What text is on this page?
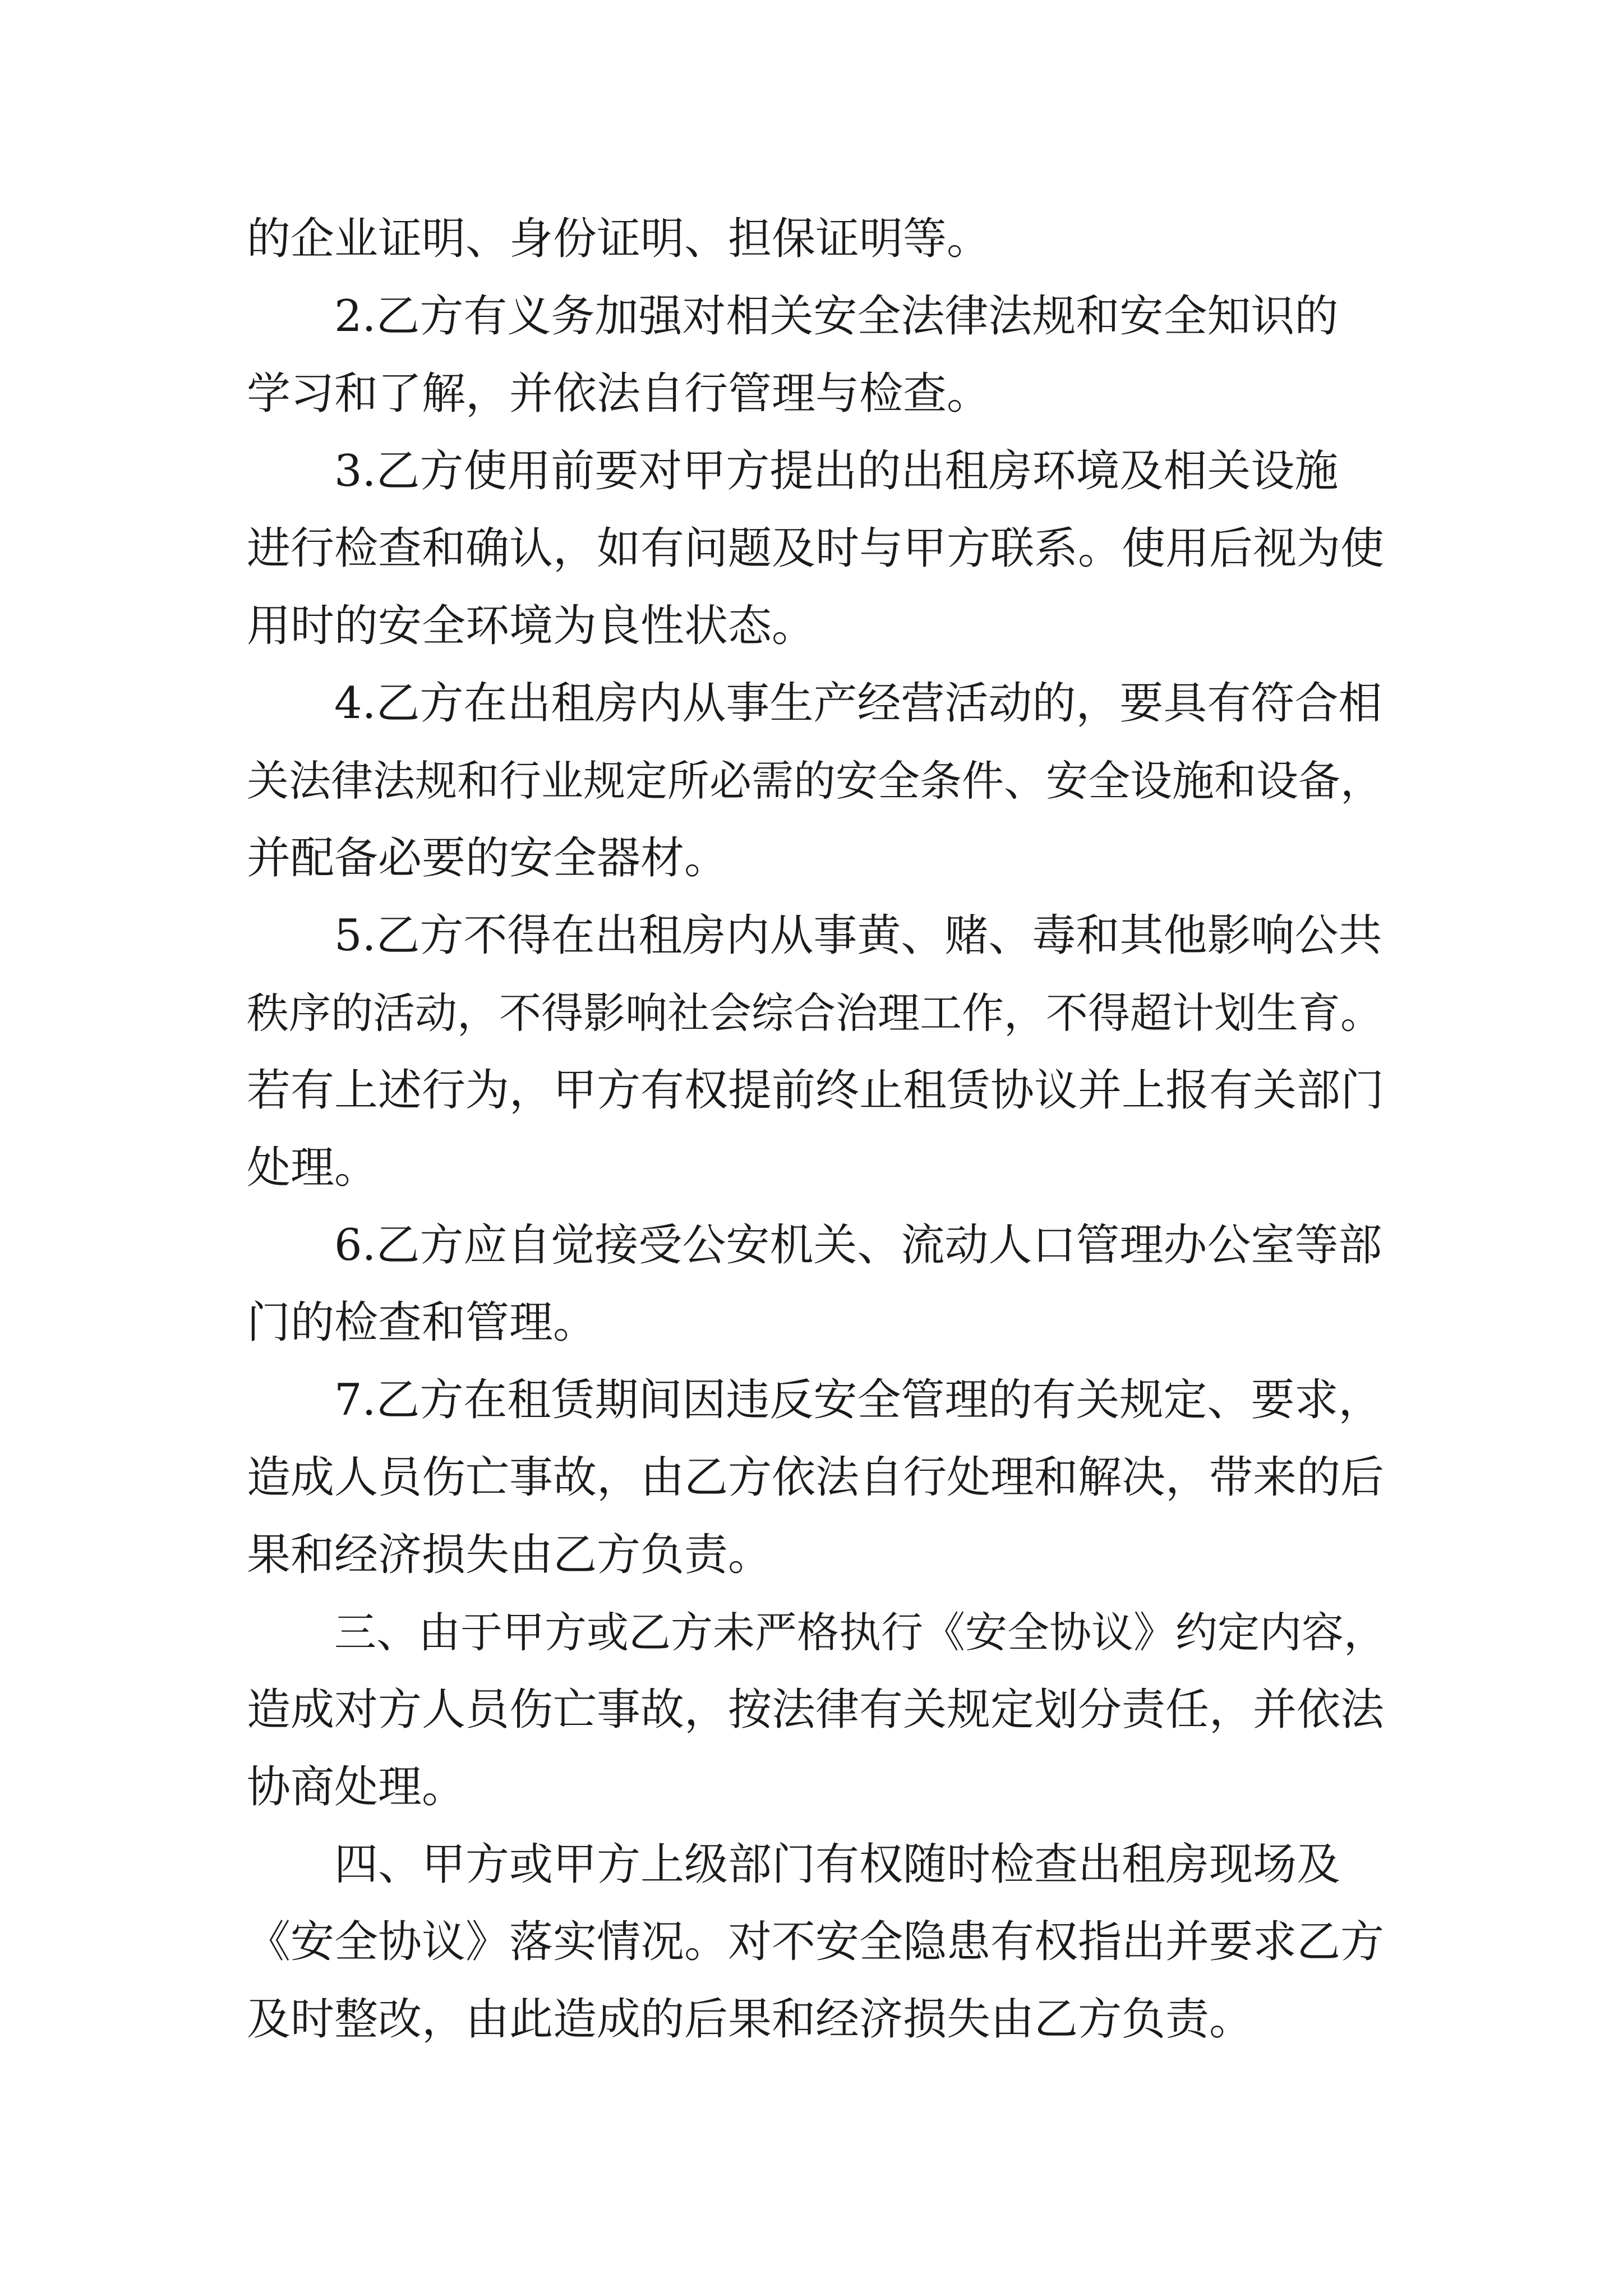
的企业证明、身份证明、担保证明等。
2.乙方有义务加强对相关安全法律法规和安全知识的
学习和了解，并依法自行管理与检查。
3.乙方使用前要对甲方提出的出租房环境及相关设施
进行检查和确认，如有问题及时与甲方联系。使用后视为使
用时的安全环境为良性状态。
4.乙方在出租房内从事生产经营活动的，要具有符合相
关法律法规和行业规定所必需的安全条件、安全设施和设备，
并配备必要的安全器材。
5.乙方不得在出租房内从事黄、赌、毒和其他影响公共
秩序的活动，不得影响社会综合治理工作，不得超计划生育。
若有上述行为，甲方有权提前终止租赁协议并上报有关部门
处理。
6.乙方应自觉接受公安机关、流动人口管理办公室等部
门的检查和管理。
7.乙方在租赁期间因违反安全管理的有关规定、要求，
造成人员伤亡事故，由乙方依法自行处理和解决，带来的后
果和经济损失由乙方负责。
三、由于甲方或乙方未严格执行《安全协议》约定内容，
造成对方人员伤亡事故，按法律有关规定划分责任，并依法
协商处理。
四、甲方或甲方上级部门有权随时检查出租房现场及
《安全协议》落实情况。对不安全隐患有权指出并要求乙方
及时整改，由此造成的后果和经济损失由乙方负责。
